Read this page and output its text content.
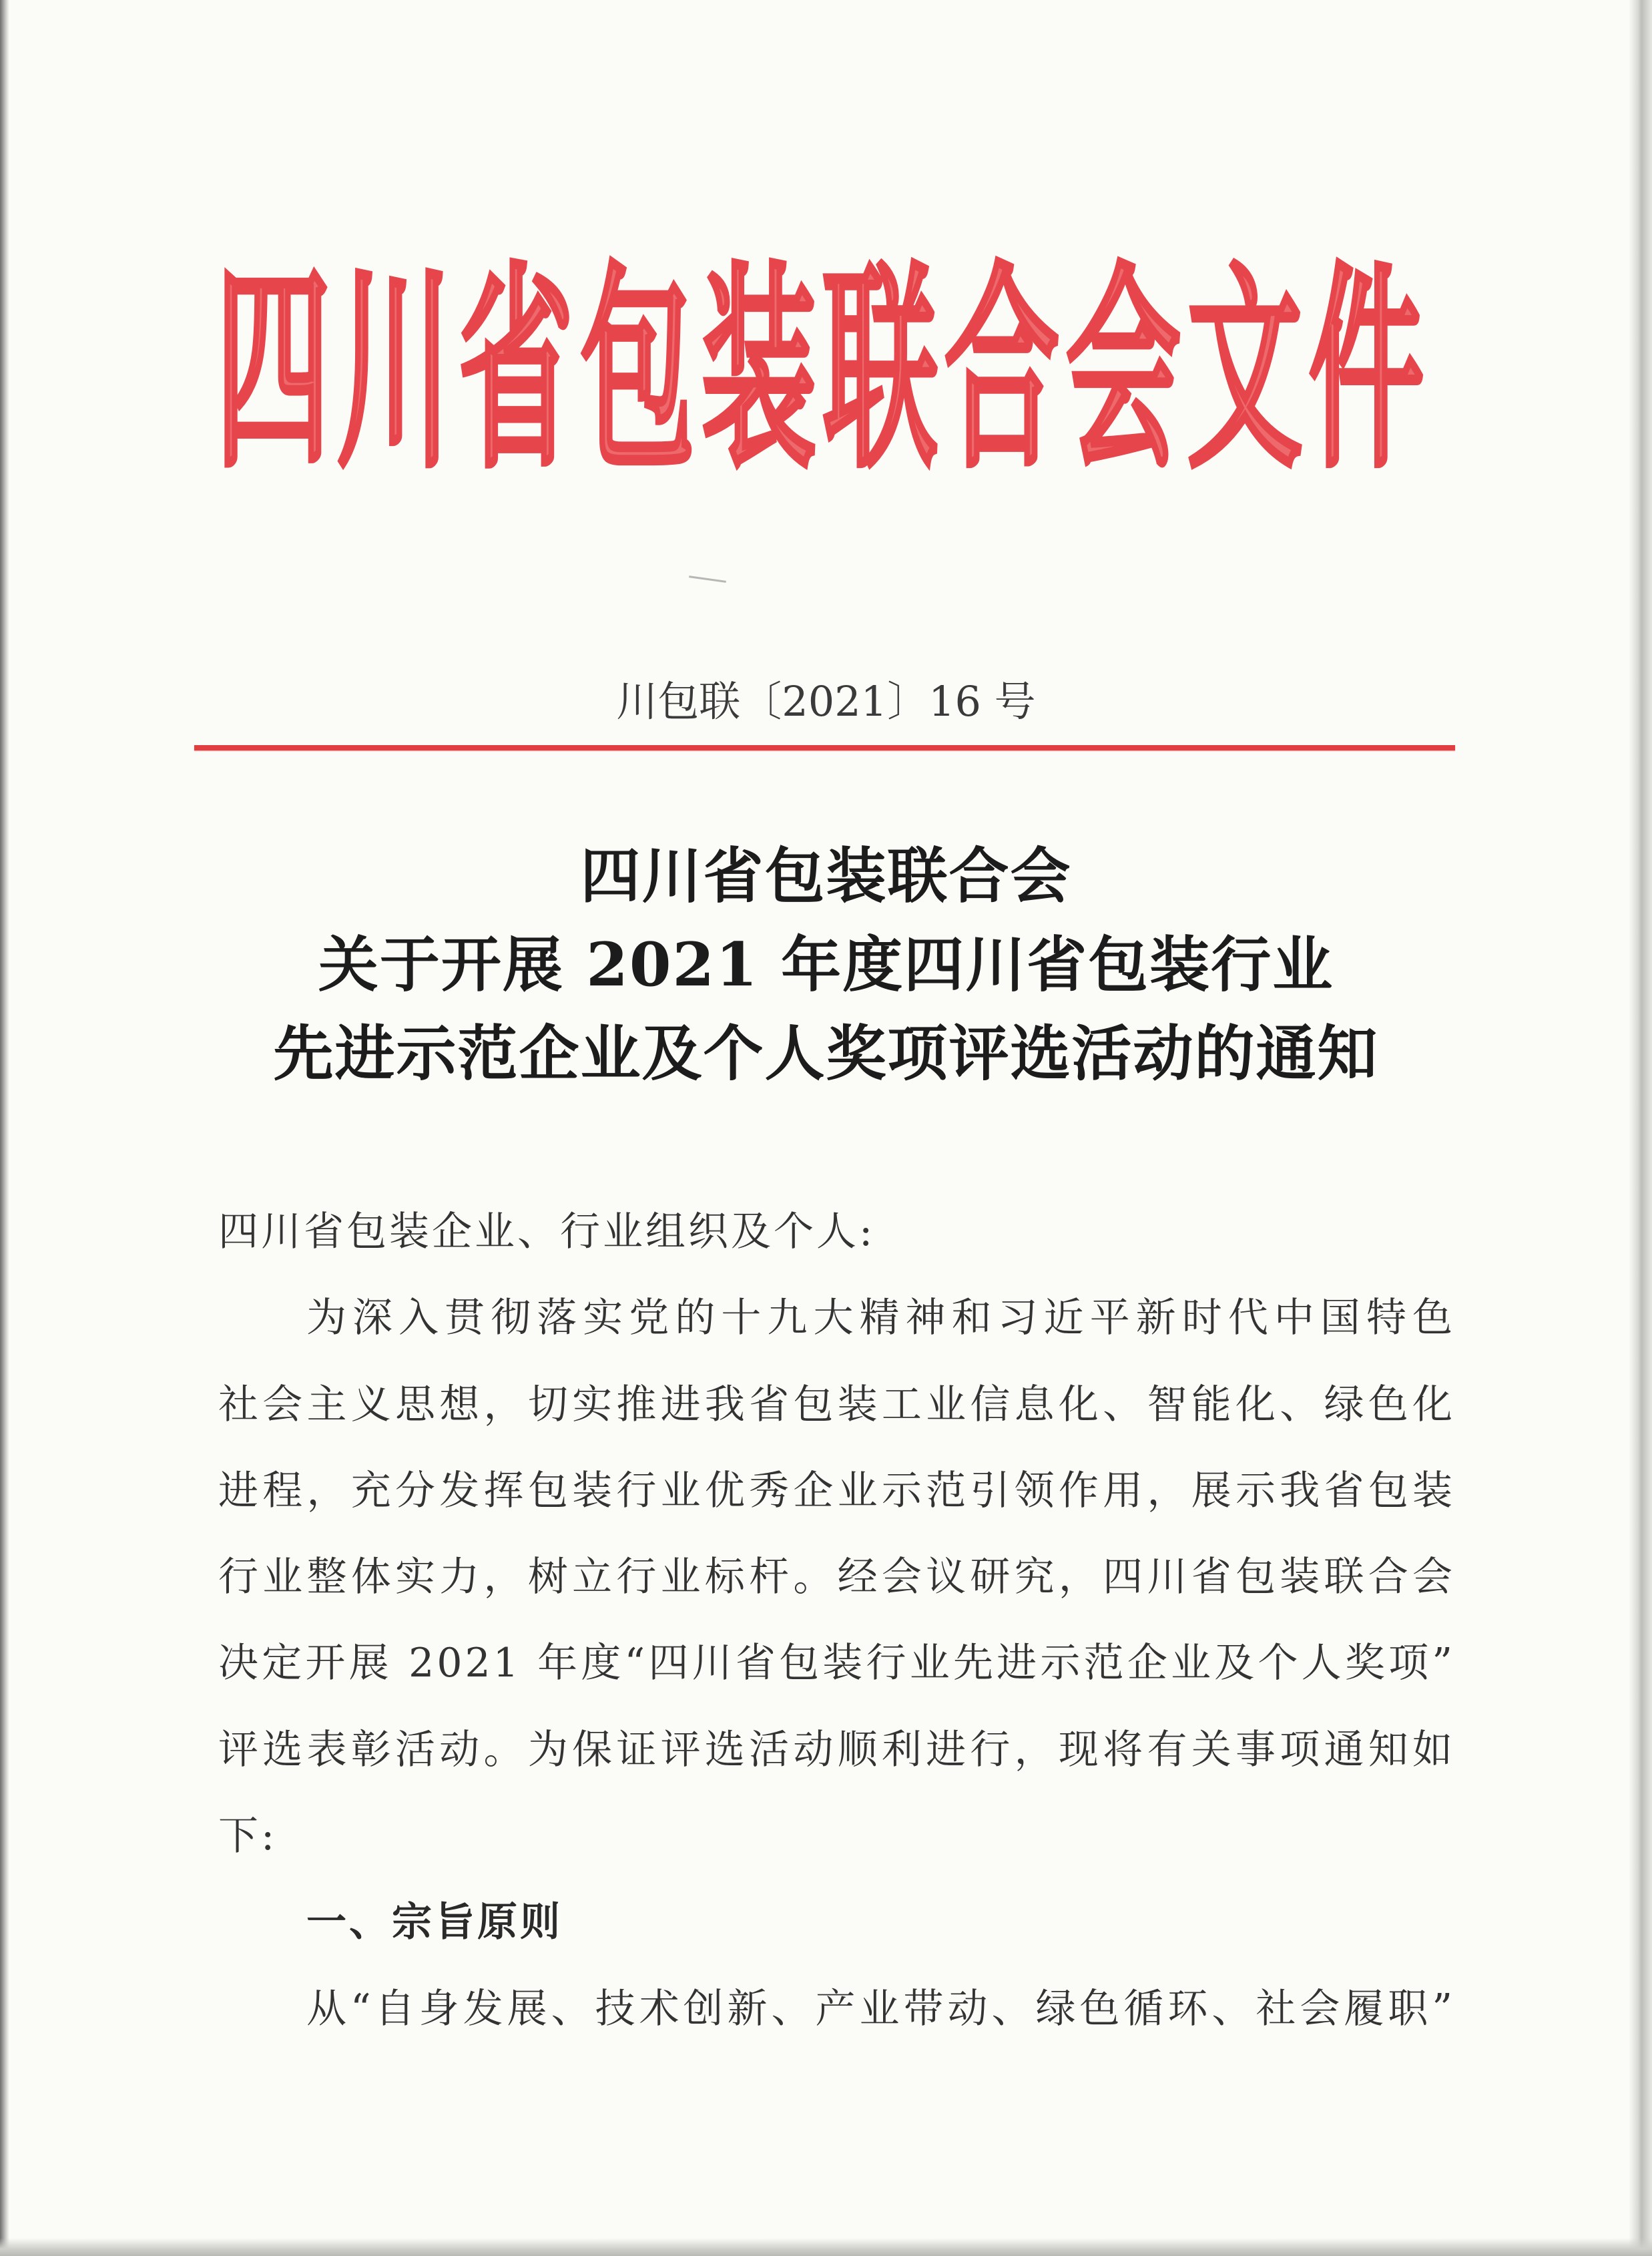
四川省包装联合会文件
川包联〔2021〕16 号
四川省包装联合会
关于开展 2021 年度四川省包装行业
先进示范企业及个人奖项评选活动的通知
四川省包装企业、行业组织及个人:
为深入贯彻落实党的十九大精神和习近平新时代中国特色
社会主义思想，切实推进我省包装工业信息化、智能化、绿色化
进程，充分发挥包装行业优秀企业示范引领作用，展示我省包装
行业整体实力，树立行业标杆。经会议研究，四川省包装联合会
决定开展 2021 年度“四川省包装行业先进示范企业及个人奖项”
评选表彰活动。为保证评选活动顺利进行，现将有关事项通知如
下:
一、宗旨原则
从“自身发展、技术创新、产业带动、绿色循环、社会履职”
